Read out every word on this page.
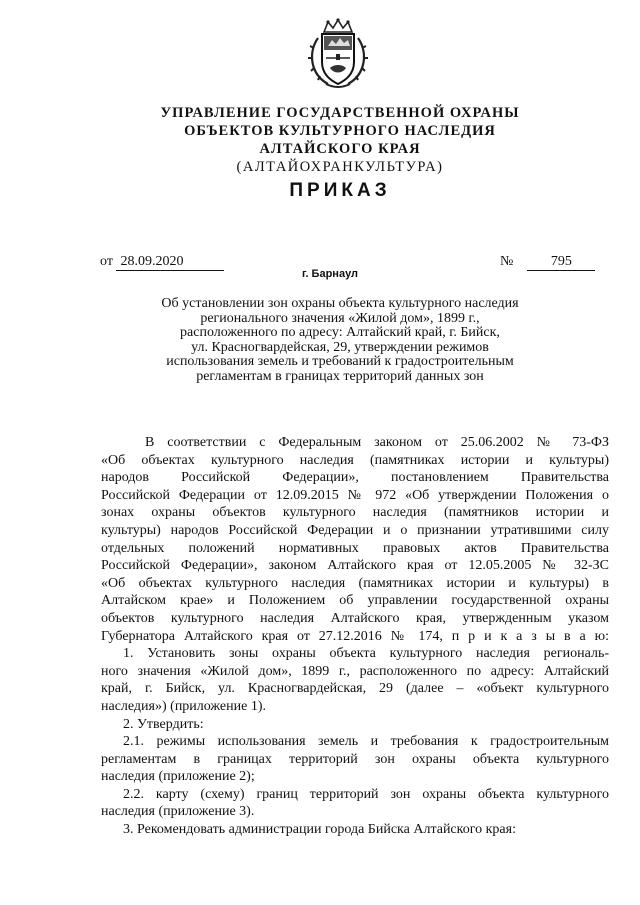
УПРАВЛЕНИЕ ГОСУДАРСТВЕННОЙ ОХРАНЫ
ОБЪЕКТОВ КУЛЬТУРНОГО НАСЛЕДИЯ
АЛТАЙСКОГО КРАЯ
(АЛТАЙОХРАНКУЛЬТУРА)
ПРИКАЗ
от 28.09.2020	№	795
г. Барнаул
Об установлении зон охраны объекта культурного наследия
регионального значения «Жилой дом», 1899 г.,
расположенного по адресу: Алтайский край, г. Бийск,
ул. Красногвардейская, 29, утверждении режимов
использования земель и требований к градостроительным
регламентам в границах территорий данных зон
В соответствии с Федеральным законом от 25.06.2002 № 73-ФЗ
«Об объектах культурного наследия (памятниках истории и культуры)
народов Российской Федерации», постановлением Правительства
Российской Федерации от 12.09.2015 № 972 «Об утверждении Положения о
зонах охраны объектов культурного наследия (памятников истории и
культуры) народов Российской Федерации и о признании утратившими силу
отдельных положений нормативных правовых актов Правительства
Российской Федерации», законом Алтайского края от 12.05.2005 № 32-ЗС
«Об объектах культурного наследия (памятниках истории и культуры) в
Алтайском крае» и Положением об управлении государственной охраны
объектов культурного наследия Алтайского края, утвержденным указом
Губернатора Алтайского края от 27.12.2016 № 174, п р и к а з ы в а ю:
1. Установить зоны охраны объекта культурного наследия региональ-
ного значения «Жилой дом», 1899 г., расположенного по адресу: Алтайский
край, г. Бийск, ул. Красногвардейская, 29 (далее – «объект культурного
наследия») (приложение 1).
2. Утвердить:
2.1. режимы использования земель и требования к градостроительным
регламентам в границах территорий зон охраны объекта культурного
наследия (приложение 2);
2.2. карту (схему) границ территорий зон охраны объекта культурного
наследия (приложение 3).
3. Рекомендовать администрации города Бийска Алтайского края:
